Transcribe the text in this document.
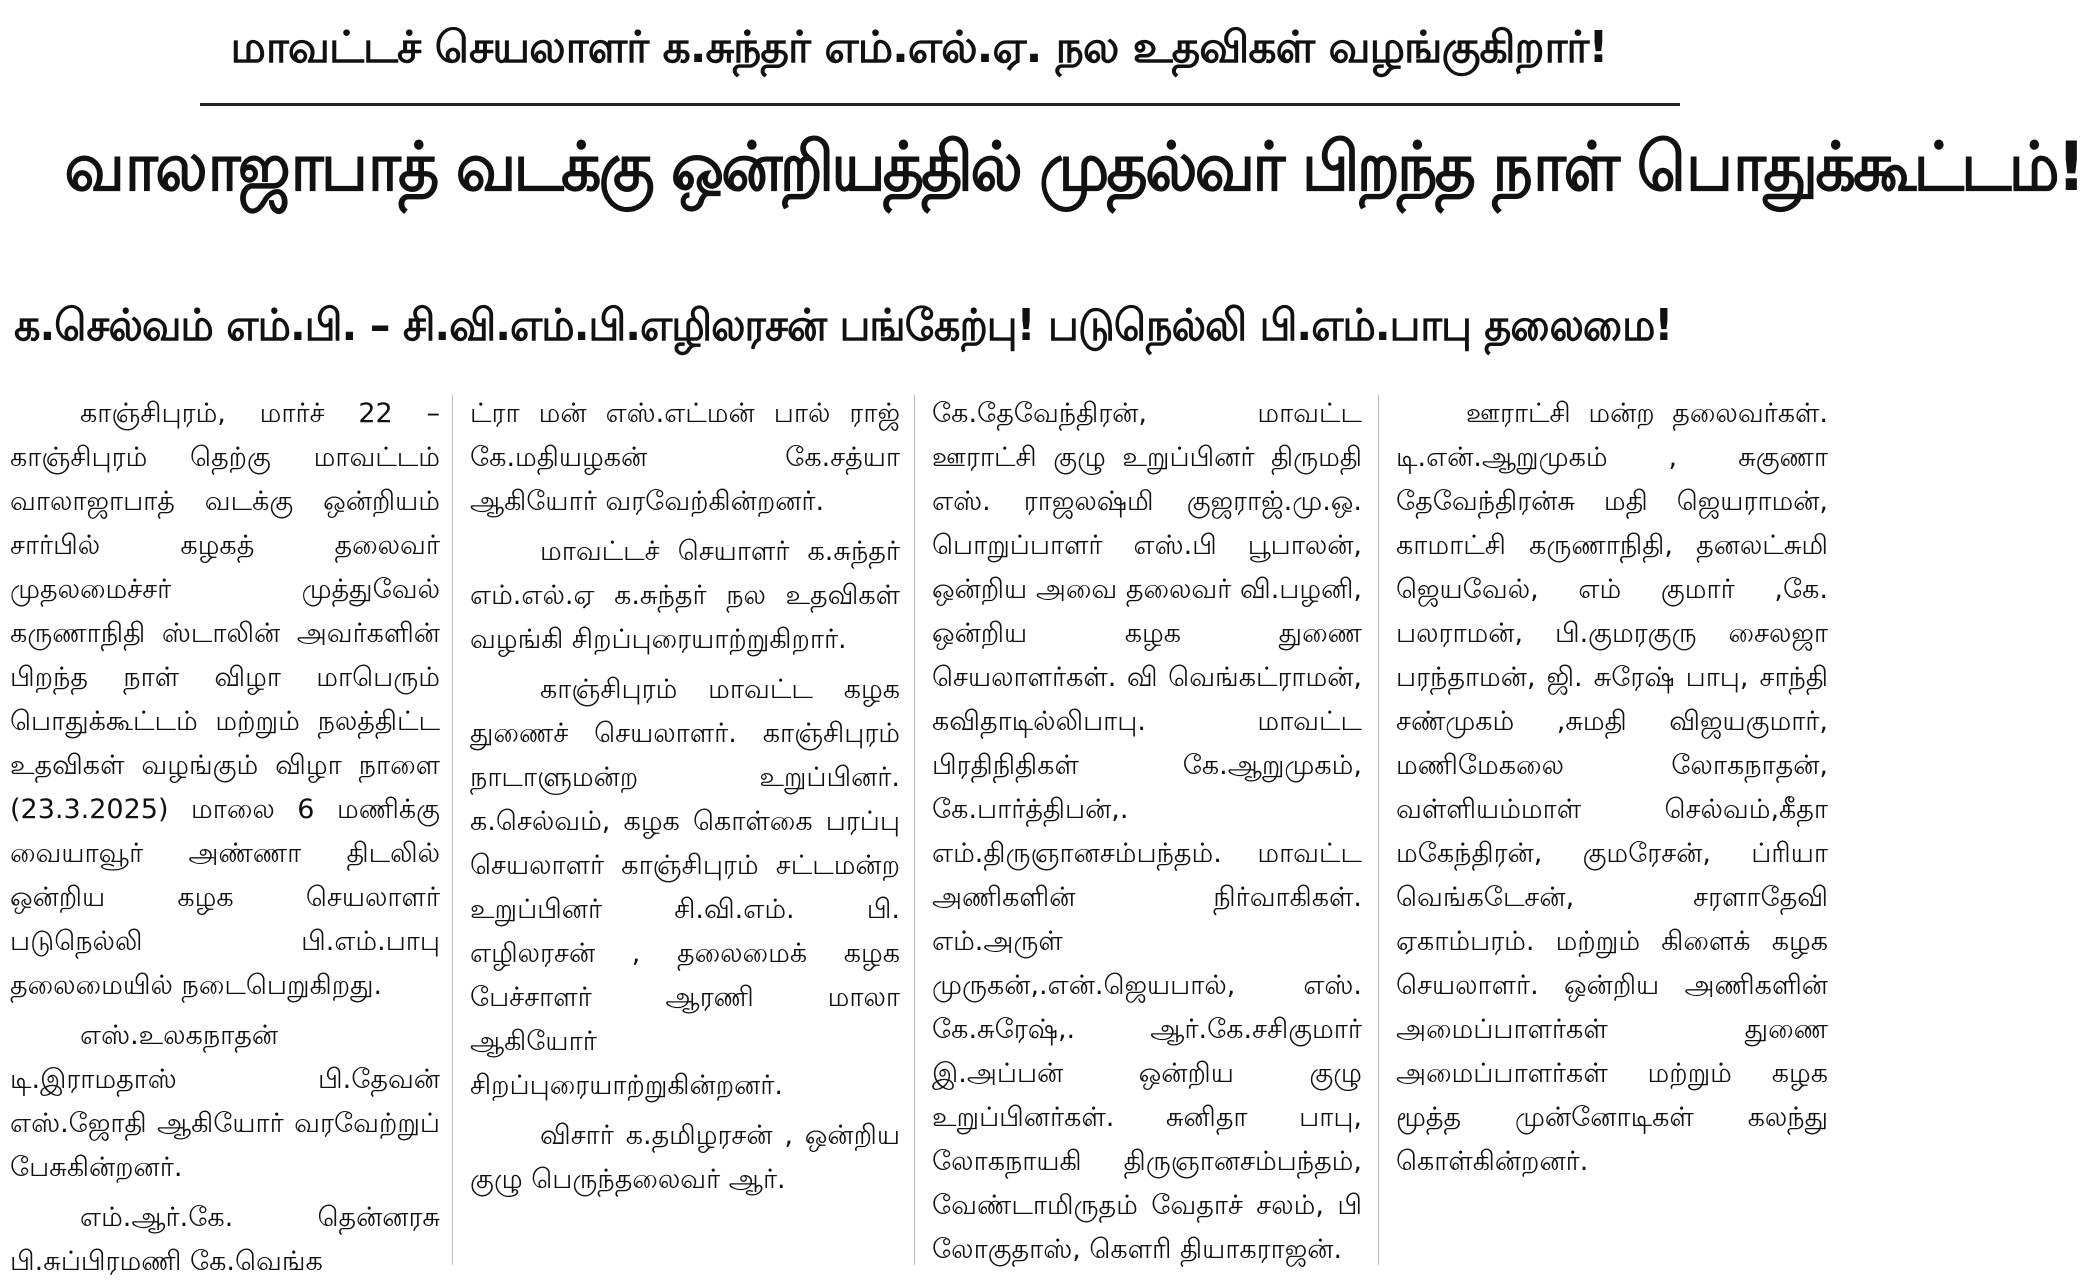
மாவட்டச் செயலாளர் க.சுந்தர் எம்.எல்.ஏ. நல உதவிகள் வழங்குகிறார்!
வாலாஜாபாத் வடக்கு ஒன்றியத்தில் முதல்வர் பிறந்த நாள் பொதுக்கூட்டம்!
க.செல்வம் எம்.பி. – சி.வி.எம்.பி.எழிலரசன் பங்கேற்பு! படுநெல்லி பி.எம்.பாபு தலைமை!

காஞ்சிபுரம், மார்ச் 22 – காஞ்சிபுரம் தெற்கு மாவட்டம் வாலாஜாபாத் வடக்கு ஒன்றியம் சார்பில் கழகத் தலைவர் முதலமைச்சர் முத்துவேல் கருணாநிதி ஸ்டாலின் அவர்களின் பிறந்த நாள் விழா மாபெரும் பொதுக்கூட்டம் மற்றும் நலத்திட்ட உதவிகள் வழங்கும் விழா நாளை (23.3.2025) மாலை 6 மணிக்கு வையாவூர் அண்ணா திடலில் ஒன்றிய கழக செயலாளர் படுநெல்லி பி.எம்.பாபு தலைமையில் நடைபெறுகிறது.

எஸ்.உலகநாதன் டி.இராமதாஸ் பி.தேவன் எஸ்.ஜோதி ஆகியோர் வரவேற்றுப் பேசுகின்றனர்.

எம்.ஆர்.கே. தென்னரசு பி.சுப்பிரமணி கே.வெங்க

ட்ரா மன் எஸ்.எட்மன் பால் ராஜ் கே.மதியழகன் கே.சத்யா ஆகியோர் வரவேற்கின்றனர்.

மாவட்டச் செயாளர் க.சுந்தர் எம்.எல்.ஏ க.சுந்தர் நல உதவிகள் வழங்கி சிறப்புரையாற்றுகிறார்.

காஞ்சிபுரம் மாவட்ட கழக துணைச் செயலாளர். காஞ்சிபுரம் நாடாளுமன்ற உறுப்பினர். க.செல்வம், கழக கொள்கை பரப்பு செயலாளர் காஞ்சிபுரம் சட்டமன்ற உறுப்பினர் சி.வி.எம். பி. எழிலரசன் , தலைமைக் கழக பேச்சாளர் ஆரணி மாலா ஆகியோர் சிறப்புரையாற்றுகின்றனர்.

விசார் க.தமிழரசன் , ஒன்றிய குழு பெருந்தலைவர் ஆர்.

கே.தேவேந்திரன், மாவட்ட ஊராட்சி குழு உறுப்பினர் திருமதி எஸ். ராஜலஷ்மி குஜராஜ்.மு.ஒ. பொறுப்பாளர் எஸ்.பி பூபாலன், ஒன்றிய அவை தலைவர் வி.பழனி, ஒன்றிய கழக துணை செயலாளர்கள். வி வெங்கட்ராமன், கவிதாடில்லிபாபு. மாவட்ட பிரதிநிதிகள் கே.ஆறுமுகம், கே.பார்த்திபன்,. எம்.திருஞானசம்பந்தம். மாவட்ட அணிகளின் நிர்வாகிகள். எம்.அருள் முருகன்,.என்.ஜெயபால், எஸ். கே.சுரேஷ்,. ஆர்.கே.சசிகுமார் இ.அப்பன் ஒன்றிய குழு உறுப்பினர்கள். சுனிதா பாபு, லோகநாயகி திருஞானசம்பந்தம், வேண்டாமிருதம் வேதாச் சலம், பி லோகுதாஸ், கௌரி தியாகராஜன்.

ஊராட்சி மன்ற தலைவர்கள். டி.என்.ஆறுமுகம் , சுகுணா தேவேந்திரன்சு மதி ஜெயராமன், காமாட்சி கருணாநிதி, தனலட்சுமி ஜெயவேல், எம் குமார் ,கே. பலராமன், பி.குமரகுரு சைலஜா பரந்தாமன், ஜி. சுரேஷ் பாபு, சாந்தி சண்முகம் ,சுமதி விஜயகுமார், மணிமேகலை லோகநாதன், வள்ளியம்மாள் செல்வம்,கீதா மகேந்திரன், குமரேசன், ப்ரியா வெங்கடேசன், சரளாதேவி ஏகாம்பரம். மற்றும் கிளைக் கழக செயலாளர். ஒன்றிய அணிகளின் அமைப்பாளர்கள் துணை அமைப்பாளர்கள் மற்றும் கழக மூத்த முன்னோடிகள் கலந்து கொள்கின்றனர்.
